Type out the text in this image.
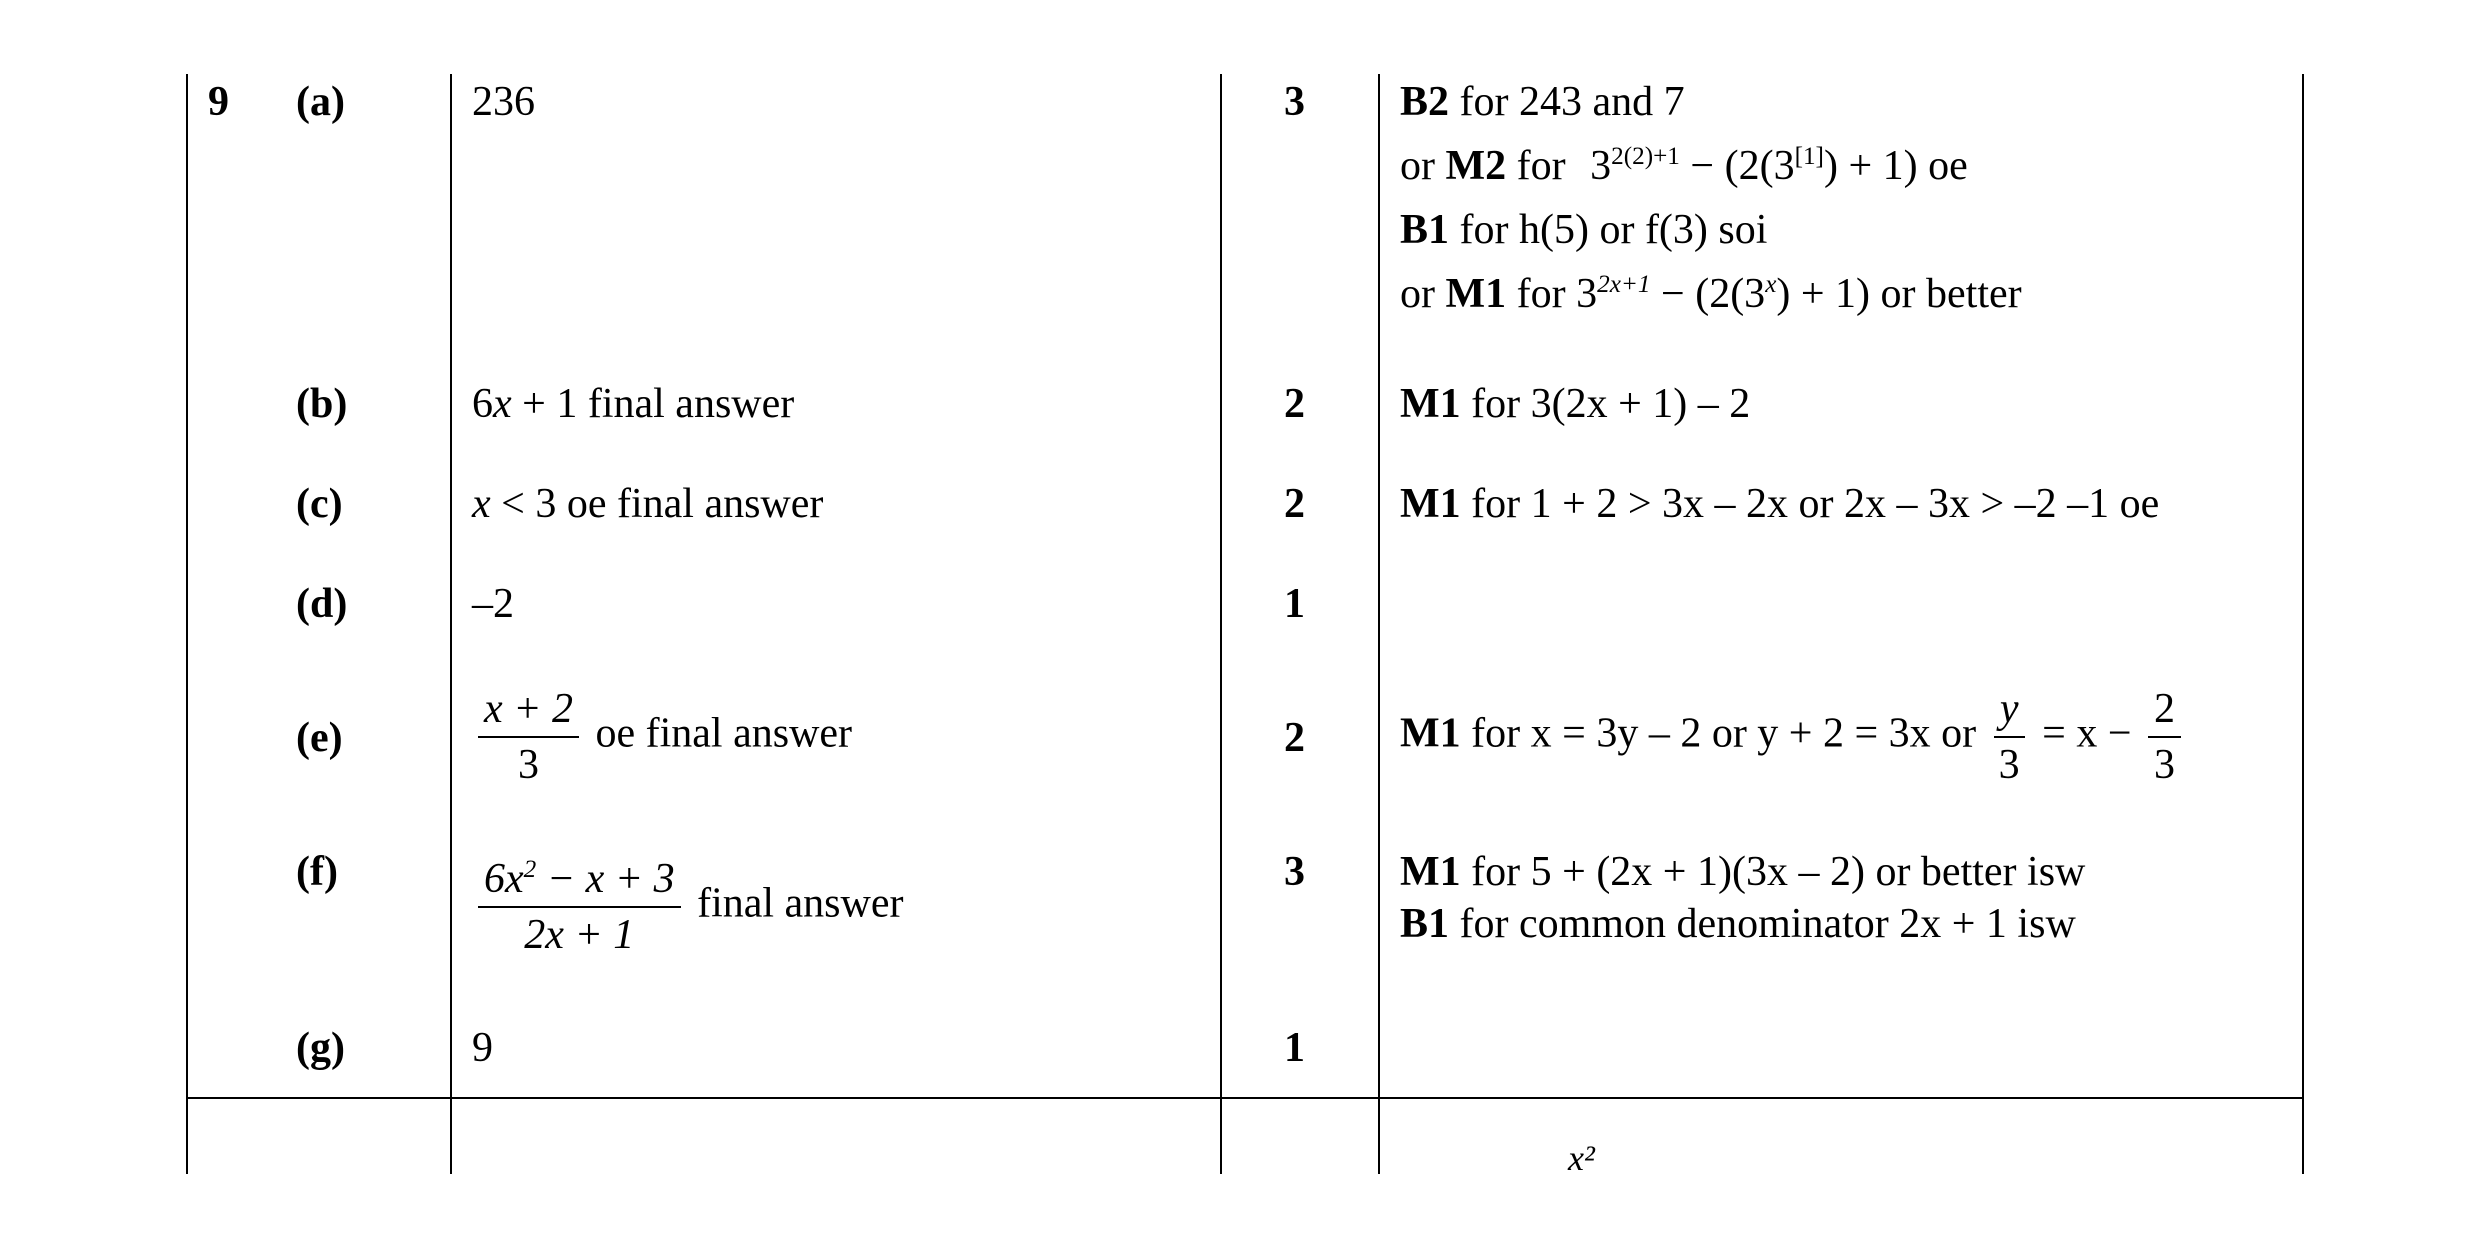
9 (a)
(b)
(c)
(d)
(e)
(f)
(g)
3
2
2
1
2
3
1
236
6x + 1 final answer
x < 3 oe final answer
–2
$\frac{x + 2}{3}$ oe final answer
$\frac{6x^2 - x + 3}{2x + 1}$ final answer
9
B2 for 243 and 7
or M2 for $3^{2(2)+1} - (2(3[1]) + 1)$ oe
B1 for h(5) or f(3) soi
or M1 for $3^{2x+1} - (2(3^x) + 1)$ or better
M1 for 3(2x + 1) – 2
M1 for 1 + 2 > 3x – 2x or 2x – 3x > –2 –1 oe
M1 for x = 3y – 2 or y + 2 = 3x or $\frac{y}{3} = x - \frac{2}{3}$
M1 for 5 + (2x + 1)(3x – 2) or better isw
B1 for common denominator 2x + 1 isw
x²
